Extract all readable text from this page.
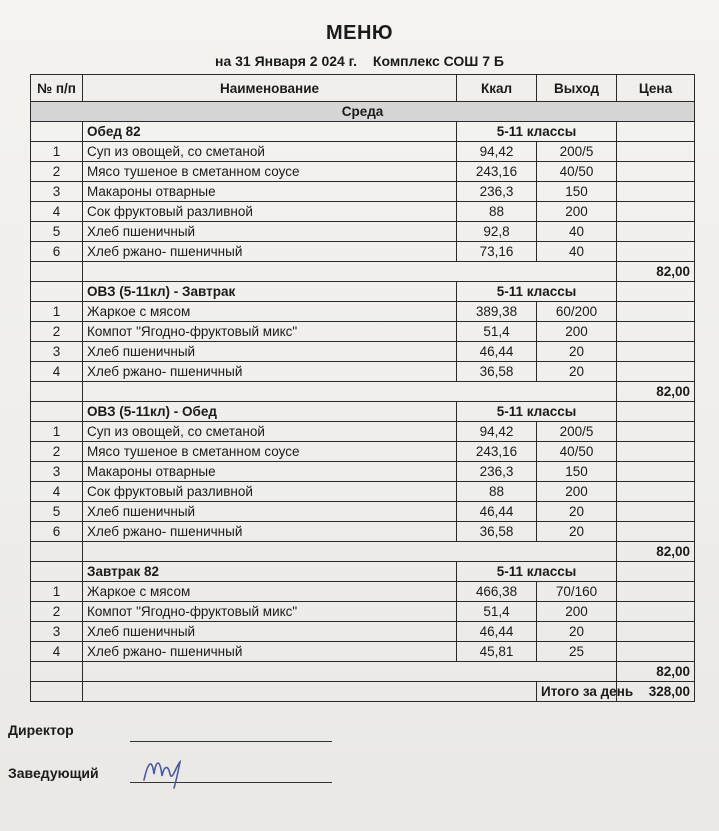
МЕНЮ
на 31 Января 2 024 г. Комплекс СОШ 7 Б
№ п/п	Наименование	Ккал	Выход	Цена
Среда				
	Обед 82	5-11 классы		
1	Суп из овощей, со сметаной	94,42	200/5	
2	Мясо тушеное в сметанном соусе	243,16	40/50	
3	Макароны отварные	236,3	150	
4	Сок фруктовый разливной	88	200	
5	Хлеб пшеничный	92,8	40	
6	Хлеб ржано- пшеничный	73,16	40	
				82,00
	ОВЗ (5-11кл) - Завтрак	5-11 классы		
1	Жаркое с мясом	389,38	60/200	
2	Компот "Ягодно-фруктовый микс"	51,4	200	
3	Хлеб пшеничный	46,44	20	
4	Хлеб ржано- пшеничный	36,58	20	
				82,00
	ОВЗ (5-11кл) - Обед	5-11 классы		
1	Суп из овощей, со сметаной	94,42	200/5	
2	Мясо тушеное в сметанном соусе	243,16	40/50	
3	Макароны отварные	236,3	150	
4	Сок фруктовый разливной	88	200	
5	Хлеб пшеничный	46,44	20	
6	Хлеб ржано- пшеничный	36,58	20	
				82,00
	Завтрак 82	5-11 классы		
1	Жаркое с мясом	466,38	70/160	
2	Компот "Ягодно-фруктовый микс"	51,4	200	
3	Хлеб пшеничный	46,44	20	
4	Хлеб ржано- пшеничный	45,81	25	
				82,00
			Итого за день	328,00
Директор
Заведующий
